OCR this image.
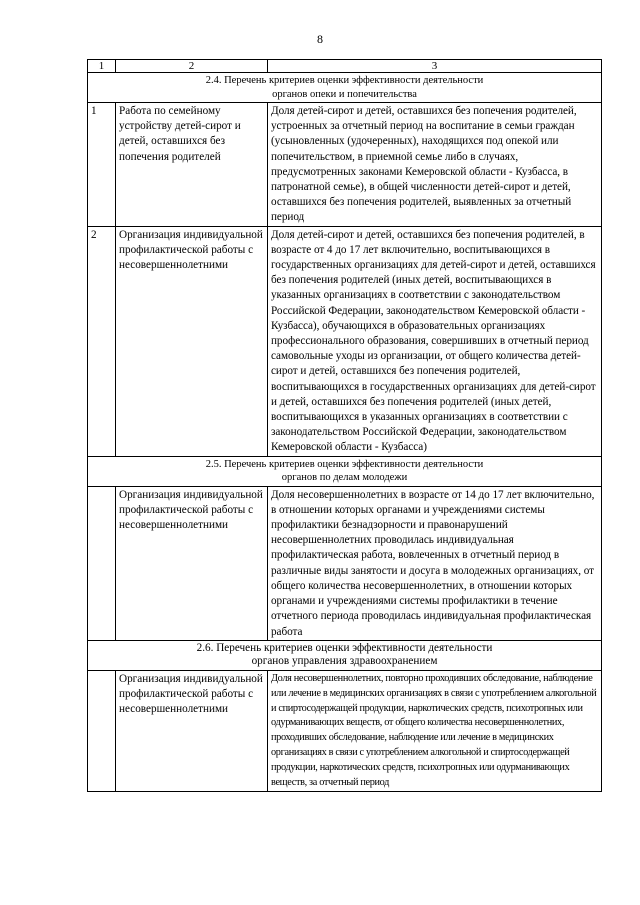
8
1	2	3

2.4. Перечень критериев оценки эффективности деятельности
органов опеки и попечительства		

1	Работа по семейному устройству детей-сирот и детей, оставшихся без попечения родителей	Доля детей-сирот и детей, оставшихся без попечения родителей, устроенных за отчетный период на воспитание в семьи граждан (усыновленных (удочеренных), находящихся под опекой или попечительством, в приемной семье либо в случаях, предусмотренных законами Кемеровской области - Кузбасса, в патронатной семье), в общей численности детей-сирот и детей, оставшихся без попечения родителей, выявленных за отчетный период
2	Организация индивидуальной профилактической работы с несовершеннолетними	Доля детей-сирот и детей, оставшихся без попечения родителей, в возрасте от 4 до 17 лет включительно, воспитывающихся в государственных организациях для детей-сирот и детей, оставшихся без попечения родителей (иных детей, воспитывающихся в указанных организациях в соответствии с законодательством Российской Федерации, законодательством Кемеровской области - Кузбасса), обучающихся в образовательных организациях профессионального образования, совершивших в отчетный период самовольные уходы из организации, от общего количества детей-сирот и детей, оставшихся без попечения родителей, воспитывающихся в государственных организациях для детей-сирот и детей, оставшихся без попечения родителей (иных детей, воспитывающихся в указанных организациях в соответствии с законодательством Российской Федерации, законодательством Кемеровской области - Кузбасса)

2.5. Перечень критериев оценки эффективности деятельности
органов по делам молодежи		

	Организация индивидуальной профилактической работы с несовершеннолетними	Доля несовершеннолетних в возрасте от 14 до 17 лет включительно, в отношении которых органами и учреждениями системы профилактики безнадзорности и правонарушений несовершеннолетних проводилась индивидуальная профилактическая работа, вовлеченных в отчетный период в различные виды занятости и досуга в молодежных организациях, от общего количества несовершеннолетних, в отношении которых органами и учреждениями системы профилактики в течение отчетного периода проводилась индивидуальная профилактическая работа

2.6. Перечень критериев оценки эффективности деятельности
органов управления здравоохранением		

	Организация индивидуальной профилактической работы с несовершеннолетними	Доля несовершеннолетних, повторно проходивших обследование, наблюдение или лечение в медицинских организациях в связи с употреблением алкогольной и спиртосодержащей продукции, наркотических средств, психотропных или одурманивающих веществ, от общего количества несовершеннолетних, проходивших обследование, наблюдение или лечение в медицинских организациях в связи с употреблением алкогольной и спиртосодержащей продукции, наркотических средств, психотропных или одурманивающих веществ, за отчетный период
